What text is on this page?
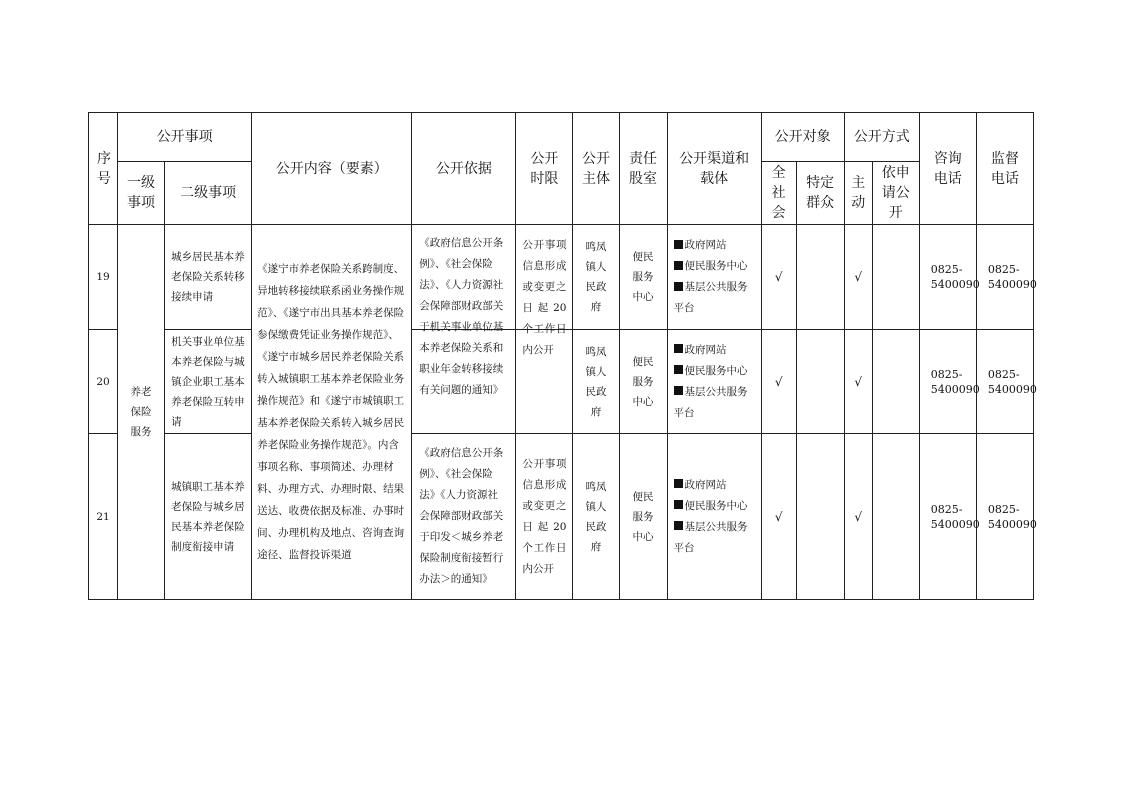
序号	公开事项		公开内容（要素）	公开依据	公开时限	公开主体	责任股室	公开渠道和载体	公开对象		公开方式		咨询电话	监督电话
	一级事项	二级事项							全社会	特定群众	主动	依申请公开		
19	养老保险服务	城乡居民基本养老保险关系转移接续申请	《遂宁市养老保险关系跨制度、异地转移接续联系函业务操作规范》、《遂宁市出具基本养老保险参保缴费凭证业务操作规范》、《遂宁市城乡居民养老保险关系转入城镇职工基本养老保险业务操作规范》和《遂宁市城镇职工基本养老保险关系转入城乡居民养老保险业务操作规范》。内含事项名称、事项简述、办理材料、办理方式、办理时限、结果送达、收费依据及标准、办事时间、办理机构及地点、咨询查询途径、监督投诉渠道	《政府信息公开条例》、《社会保险法》、《人力资源社会保障部财政部关于机关事业单位基本养老保险关系和职业年金转移接续有关问题的通知》	公开事项信息形成或变更之日起20个工作日内公开	鸣凤镇人民政府	便民服务中心	政府网站
便民服务中心
基层公共服务平台	√		√		0825-5400090	0825-5400090
20		机关事业单位基本养老保险与城镇企业职工基本养老保险互转申请				鸣凤镇人民政府	便民服务中心	政府网站
便民服务中心
基层公共服务平台	√		√		0825-5400090	0825-5400090
21		城镇职工基本养老保险与城乡居民基本养老保险制度衔接申请		《政府信息公开条例》、《社会保险法》《人力资源社会保障部财政部关于印发＜城乡养老保险制度衔接暂行办法＞的通知》	公开事项信息形成或变更之日起20个工作日内公开	鸣凤镇人民政府	便民服务中心	政府网站
便民服务中心
基层公共服务平台	√		√		0825-5400090	0825-5400090
